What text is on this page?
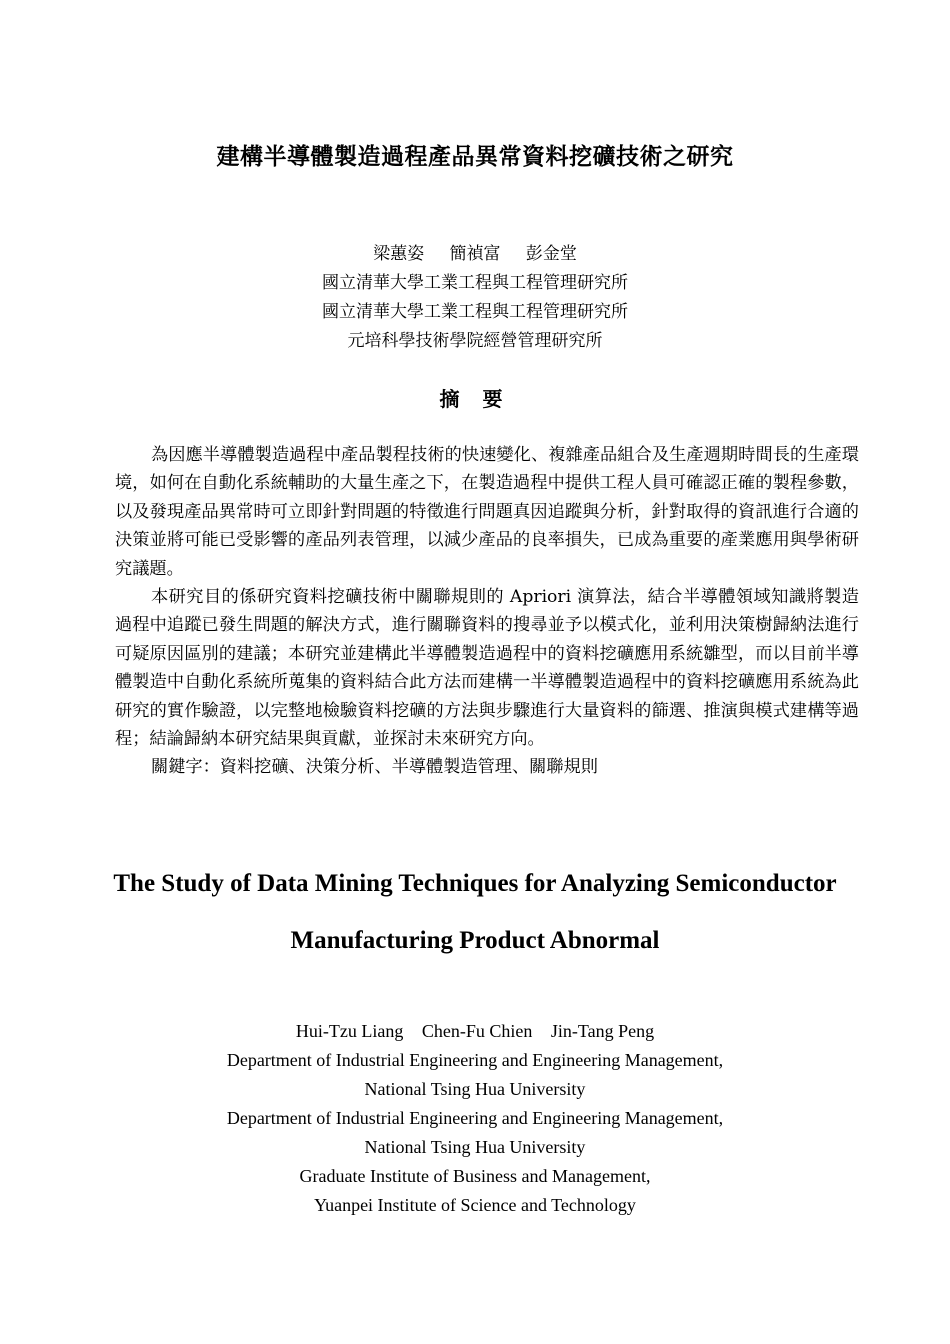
建構半導體製造過程產品異常資料挖礦技術之研究
梁蕙姿 簡禎富 彭金堂
國立清華大學工業工程與工程管理研究所
國立清華大學工業工程與工程管理研究所
元培科學技術學院經營管理研究所
摘 要

為因應半導體製造過程中產品製程技術的快速變化、複雜產品組合及生產週期時間長的生產環境，如何在自動化系統輔助的大量生產之下，在製造過程中提供工程人員可確認正確的製程參數，以及發現產品異常時可立即針對問題的特徵進行問題真因追蹤與分析，針對取得的資訊進行合適的決策並將可能已受影響的產品列表管理，以減少產品的良率損失，已成為重要的產業應用與學術研究議題。

本研究目的係研究資料挖礦技術中關聯規則的 Apriori 演算法，結合半導體領域知識將製造過程中追蹤已發生問題的解決方式，進行關聯資料的搜尋並予以模式化，並利用決策樹歸納法進行可疑原因區別的建議；本研究並建構此半導體製造過程中的資料挖礦應用系統雛型，而以目前半導體製造中自動化系統所蒐集的資料結合此方法而建構一半導體製造過程中的資料挖礦應用系統為此研究的實作驗證，以完整地檢驗資料挖礦的方法與步驟進行大量資料的篩選、推演與模式建構等過程；結論歸納本研究結果與貢獻，並探討未來研究方向。

關鍵字：資料挖礦、決策分析、半導體製造管理、關聯規則

The Study of Data Mining Techniques for Analyzing Semiconductor
Manufacturing Product Abnormal
Hui-Tzu Liang Chen-Fu Chien Jin-Tang Peng
Department of Industrial Engineering and Engineering Management,
National Tsing Hua University
Department of Industrial Engineering and Engineering Management,
National Tsing Hua University
Graduate Institute of Business and Management,
Yuanpei Institute of Science and Technology
